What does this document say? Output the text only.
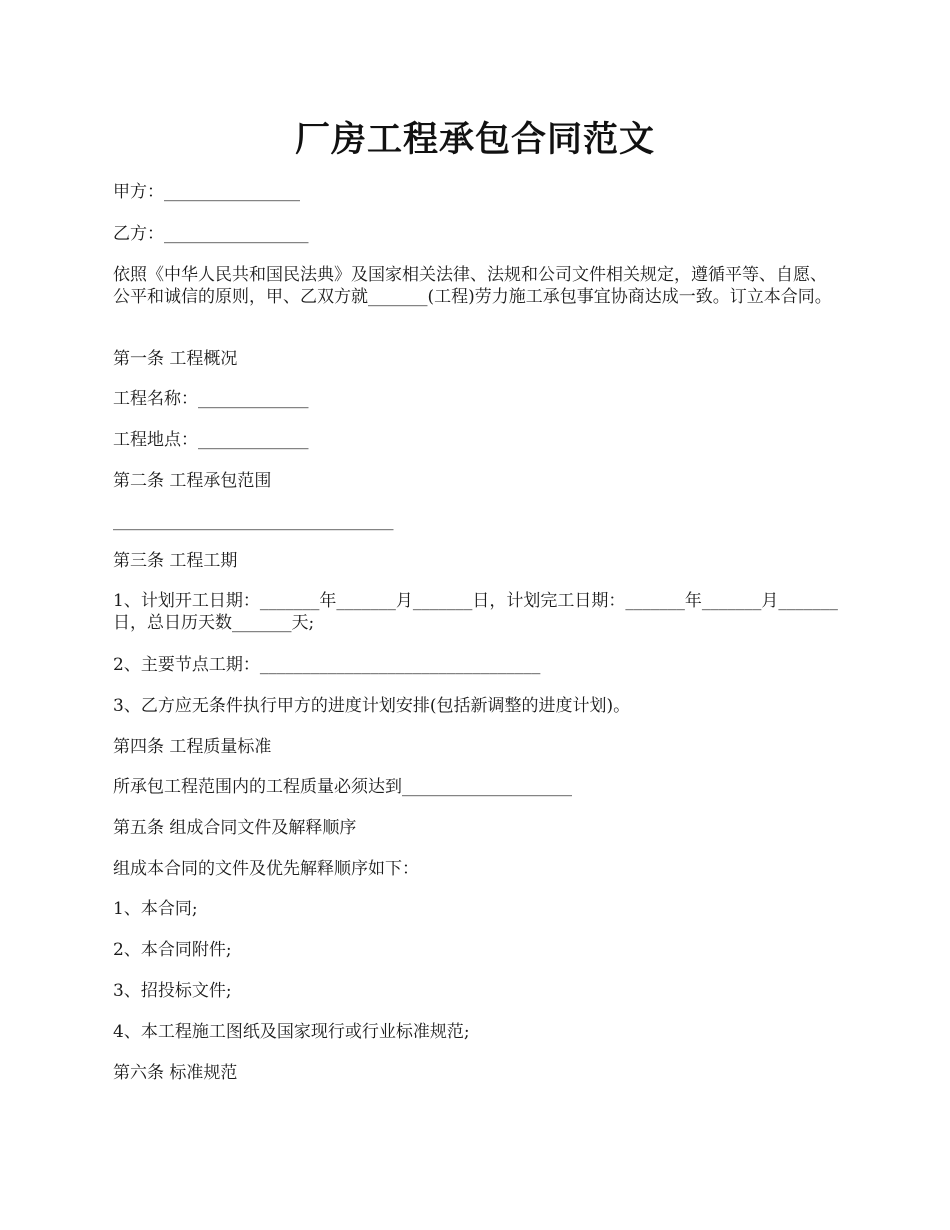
厂房工程承包合同范文
甲方：________________
乙方：_________________
依照《中华人民共和国民法典》及国家相关法律、法规和公司文件相关规定，遵循平等、自愿、公平和诚信的原则，甲、乙双方就_______(工程)劳力施工承包事宜协商达成一致。订立本合同。
第一条 工程概况
工程名称：_____________
工程地点：_____________
第二条 工程承包范围
_________________________________
第三条 工程工期
1、计划开工日期：_______年_______月_______日，计划完工日期：_______年_______月_______日，总日历天数_______天;
2、主要节点工期：_________________________________
3、乙方应无条件执行甲方的进度计划安排(包括新调整的进度计划)。
第四条 工程质量标准
所承包工程范围内的工程质量必须达到____________________
第五条 组成合同文件及解释顺序
组成本合同的文件及优先解释顺序如下：
1、本合同;
2、本合同附件;
3、招投标文件;
4、本工程施工图纸及国家现行或行业标准规范;
第六条 标准规范
